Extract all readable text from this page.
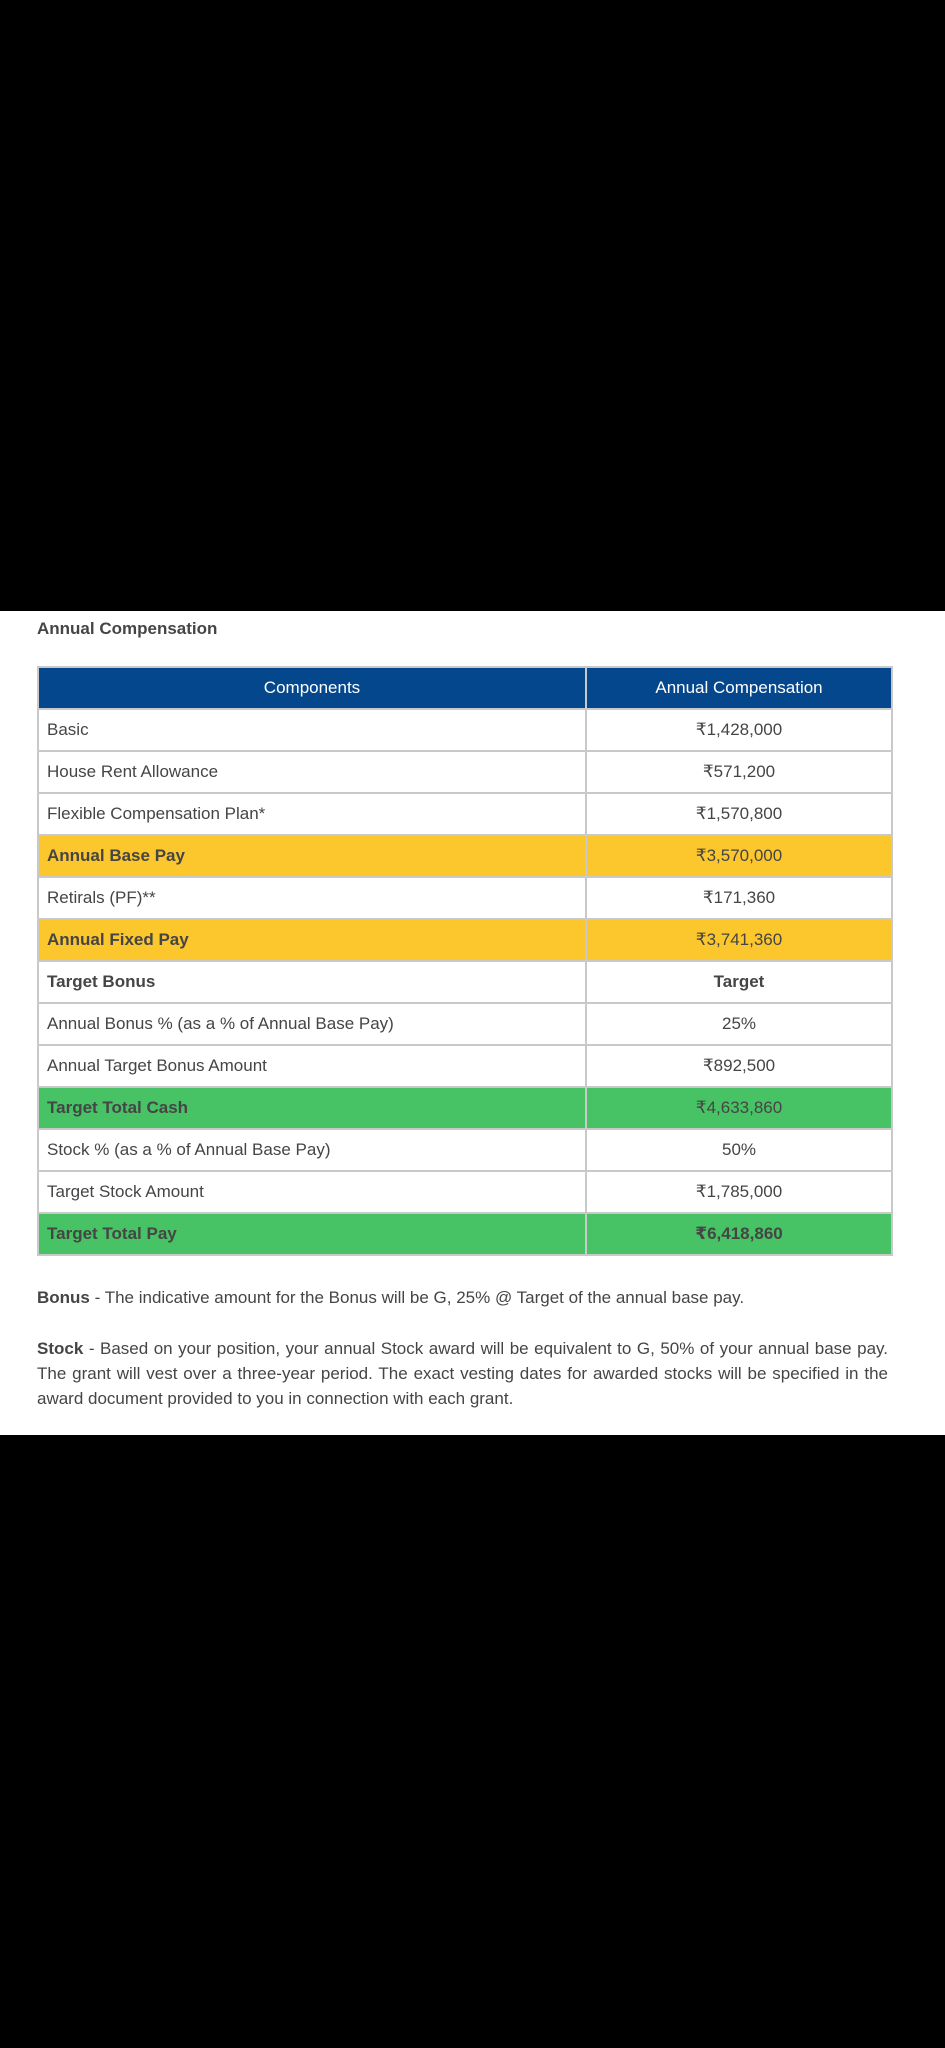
Annual Compensation
Components	Annual Compensation
Basic	₹1,428,000
House Rent Allowance	₹571,200
Flexible Compensation Plan*	₹1,570,800
Annual Base Pay	₹3,570,000
Retirals (PF)**	₹171,360
Annual Fixed Pay	₹3,741,360
Target Bonus	Target
Annual Bonus % (as a % of Annual Base Pay)	25%
Annual Target Bonus Amount	₹892,500
Target Total Cash	₹4,633,860
Stock % (as a % of Annual Base Pay)	50%
Target Stock Amount	₹1,785,000
Target Total Pay	₹6,418,860
Bonus - The indicative amount for the Bonus will be G, 25% @ Target of the annual base pay.
Stock - Based on your position, your annual Stock award will be equivalent to G, 50% of your annual base pay. The grant will vest over a three-year period. The exact vesting dates for awarded stocks will be specified in the award document provided to you in connection with each grant.
